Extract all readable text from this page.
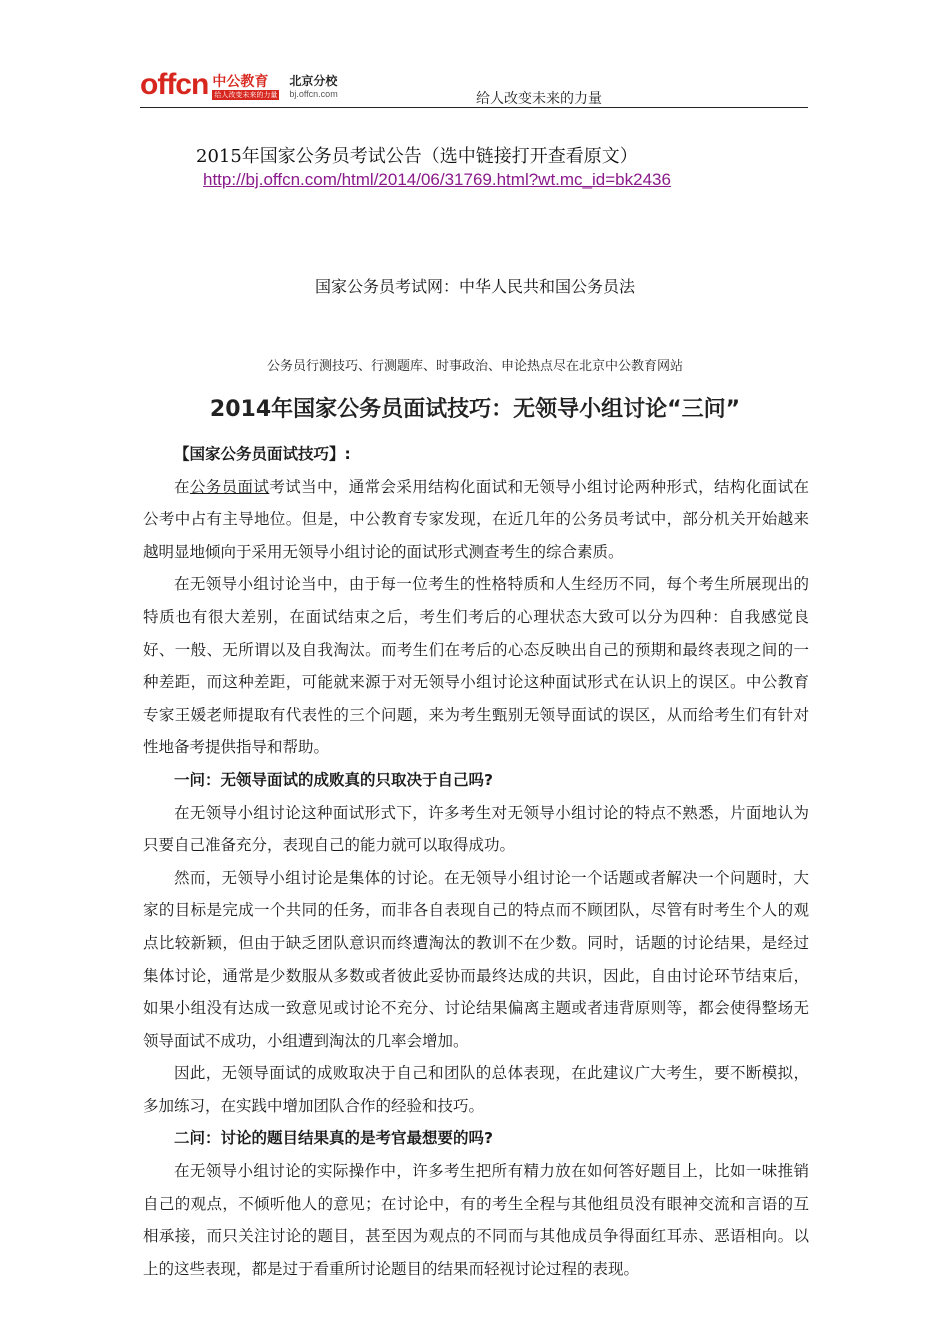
offcn 中公教育
给人改变未来的力量
北京分校
bj.offcn.com	给人改变未来的力量
2015年国家公务员考试公告（选中链接打开查看原文）
http://bj.offcn.com/html/2014/06/31769.html?wt.mc_id=bk2436
国家公务员考试网：中华人民共和国公务员法
公务员行测技巧、行测题库、时事政治、申论热点尽在北京中公教育网站
2014年国家公务员面试技巧：无领导小组讨论“三问”

【国家公务员面试技巧】:

在公务员面试考试当中，通常会采用结构化面试和无领导小组讨论两种形式，结构化面试在公考中占有主导地位。但是，中公教育专家发现，在近几年的公务员考试中，部分机关开始越来越明显地倾向于采用无领导小组讨论的面试形式测查考生的综合素质。

在无领导小组讨论当中，由于每一位考生的性格特质和人生经历不同，每个考生所展现出的特质也有很大差别，在面试结束之后，考生们考后的心理状态大致可以分为四种：自我感觉良好、一般、无所谓以及自我淘汰。而考生们在考后的心态反映出自己的预期和最终表现之间的一种差距，而这种差距，可能就来源于对无领导小组讨论这种面试形式在认识上的误区。中公教育专家王媛老师提取有代表性的三个问题，来为考生甄别无领导面试的误区，从而给考生们有针对性地备考提供指导和帮助。

一问：无领导面试的成败真的只取决于自己吗?

在无领导小组讨论这种面试形式下，许多考生对无领导小组讨论的特点不熟悉，片面地认为只要自己准备充分，表现自己的能力就可以取得成功。

然而，无领导小组讨论是集体的讨论。在无领导小组讨论一个话题或者解决一个问题时，大家的目标是完成一个共同的任务，而非各自表现自己的特点而不顾团队，尽管有时考生个人的观点比较新颖，但由于缺乏团队意识而终遭淘汰的教训不在少数。同时，话题的讨论结果，是经过集体讨论，通常是少数服从多数或者彼此妥协而最终达成的共识，因此，自由讨论环节结束后，如果小组没有达成一致意见或讨论不充分、讨论结果偏离主题或者违背原则等，都会使得整场无领导面试不成功，小组遭到淘汰的几率会增加。

因此，无领导面试的成败取决于自己和团队的总体表现，在此建议广大考生，要不断模拟，多加练习，在实践中增加团队合作的经验和技巧。

二问：讨论的题目结果真的是考官最想要的吗?

在无领导小组讨论的实际操作中，许多考生把所有精力放在如何答好题目上，比如一味推销自己的观点，不倾听他人的意见；在讨论中，有的考生全程与其他组员没有眼神交流和言语的互相承接，而只关注讨论的题目，甚至因为观点的不同而与其他成员争得面红耳赤、恶语相向。以上的这些表现，都是过于看重所讨论题目的结果而轻视讨论过程的表现。
